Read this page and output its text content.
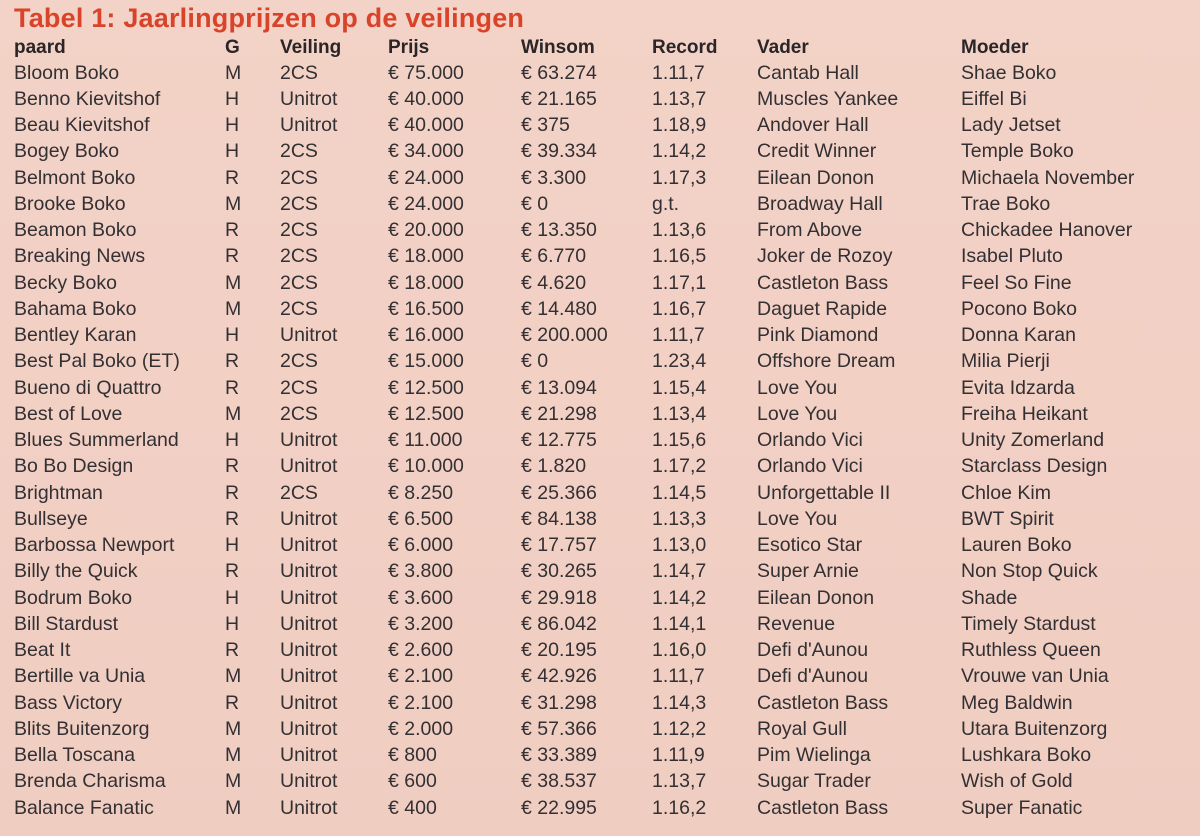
Tabel 1: Jaarlingprijzen op de veilingen
paard	G	Veiling	Prijs	Winsom	Record	Vader	Moeder
Bloom Boko	M	2CS	€ 75.000	€ 63.274	1.11,7	Cantab Hall	Shae Boko
Benno Kievitshof	H	Unitrot	€ 40.000	€ 21.165	1.13,7	Muscles Yankee	Eiffel Bi
Beau Kievitshof	H	Unitrot	€ 40.000	€ 375	1.18,9	Andover Hall	Lady Jetset
Bogey Boko	H	2CS	€ 34.000	€ 39.334	1.14,2	Credit Winner	Temple Boko
Belmont Boko	R	2CS	€ 24.000	€ 3.300	1.17,3	Eilean Donon	Michaela November
Brooke Boko	M	2CS	€ 24.000	€ 0	g.t.	Broadway Hall	Trae Boko
Beamon Boko	R	2CS	€ 20.000	€ 13.350	1.13,6	From Above	Chickadee Hanover
Breaking News	R	2CS	€ 18.000	€ 6.770	1.16,5	Joker de Rozoy	Isabel Pluto
Becky Boko	M	2CS	€ 18.000	€ 4.620	1.17,1	Castleton Bass	Feel So Fine
Bahama Boko	M	2CS	€ 16.500	€ 14.480	1.16,7	Daguet Rapide	Pocono Boko
Bentley Karan	H	Unitrot	€ 16.000	€ 200.000	1.11,7	Pink Diamond	Donna Karan
Best Pal Boko (ET)	R	2CS	€ 15.000	€ 0	1.23,4	Offshore Dream	Milia Pierji
Bueno di Quattro	R	2CS	€ 12.500	€ 13.094	1.15,4	Love You	Evita Idzarda
Best of Love	M	2CS	€ 12.500	€ 21.298	1.13,4	Love You	Freiha Heikant
Blues Summerland	H	Unitrot	€ 11.000	€ 12.775	1.15,6	Orlando Vici	Unity Zomerland
Bo Bo Design	R	Unitrot	€ 10.000	€ 1.820	1.17,2	Orlando Vici	Starclass Design
Brightman	R	2CS	€ 8.250	€ 25.366	1.14,5	Unforgettable II	Chloe Kim
Bullseye	R	Unitrot	€ 6.500	€ 84.138	1.13,3	Love You	BWT Spirit
Barbossa Newport	H	Unitrot	€ 6.000	€ 17.757	1.13,0	Esotico Star	Lauren Boko
Billy the Quick	R	Unitrot	€ 3.800	€ 30.265	1.14,7	Super Arnie	Non Stop Quick
Bodrum Boko	H	Unitrot	€ 3.600	€ 29.918	1.14,2	Eilean Donon	Shade
Bill Stardust	H	Unitrot	€ 3.200	€ 86.042	1.14,1	Revenue	Timely Stardust
Beat It	R	Unitrot	€ 2.600	€ 20.195	1.16,0	Defi d'Aunou	Ruthless Queen
Bertille va Unia	M	Unitrot	€ 2.100	€ 42.926	1.11,7	Defi d'Aunou	Vrouwe van Unia
Bass Victory	R	Unitrot	€ 2.100	€ 31.298	1.14,3	Castleton Bass	Meg Baldwin
Blits Buitenzorg	M	Unitrot	€ 2.000	€ 57.366	1.12,2	Royal Gull	Utara Buitenzorg
Bella Toscana	M	Unitrot	€ 800	€ 33.389	1.11,9	Pim Wielinga	Lushkara Boko
Brenda Charisma	M	Unitrot	€ 600	€ 38.537	1.13,7	Sugar Trader	Wish of Gold
Balance Fanatic	M	Unitrot	€ 400	€ 22.995	1.16,2	Castleton Bass	Super Fanatic
